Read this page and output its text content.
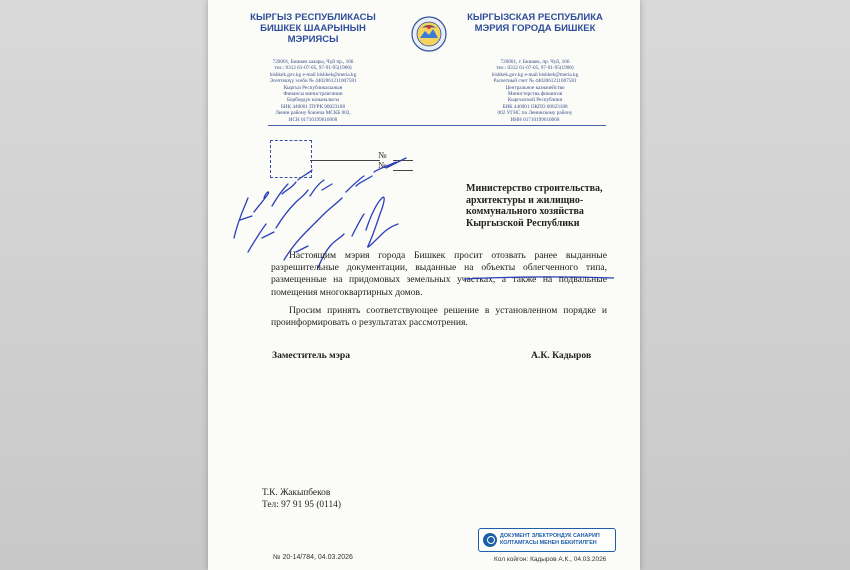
КЫРГЫЗ РЕСПУБЛИКАСЫ
БИШКЕК ШААРЫНЫН
МЭРИЯСЫ
720001, Бишкек шаары, Чүй пр., 166
тел.: 0312 61-07-05, 97-91-95(1900)
bishkek.gov.kg e-mail bishkek@meria.kg
Эсептешүү эсеби № 4402061211007581
Кыргыз Республикасынын
Финансы министрлигинин
Борбордук казыналыгы
БИК 440001 ПУРК 00023188
Ленин району боюнча МСКБ 002,
ИСН 01710199610068
КЫРГЫЗСКАЯ РЕСПУБЛИКА
МЭРИЯ ГОРОДА БИШКЕК
720001, г. Бишкек, пр. Чуй, 166
тел.: 0312 61-07-05, 97-91-95(1900)
bishkek.gov.kg e-mail bishkek@meria.kg
Расчетный счет № 4402061211007581
Центральное казначейство
Министерства финансов
Кыргызской Республики
БИК 440001 ОКПО 00023188
002 УГНС по Ленинскому району
ИНН 01710199610068
№
№
Министерство строительства,
архитектуры и жилищно-
коммунального хозяйства
Кыргызской Республики

Настоящим мэрия города Бишкек просит отозвать ранее выданные разрешительные документации, выданные на объекты облегченного типа, размещенные на придомовых земельных участках, а также на подвальные помещения многоквартирных домов.

Просим принять соответствующее решение в установленном порядке и проинформировать о результатах рассмотрения.

Заместитель мэра	А.К. Кадыров
Т.К. Жакыпбеков
Тел: 97 91 95 (0114)
№ 20-14/784, 04.03.2026
ДОКУМЕНТ ЭЛЕКТРОНДУК САНАРИП
КОЛТАМГАСЫ МЕНЕН БЕКИТИЛГЕН
Кол койгон: Кадыров А.К., 04.03.2026
